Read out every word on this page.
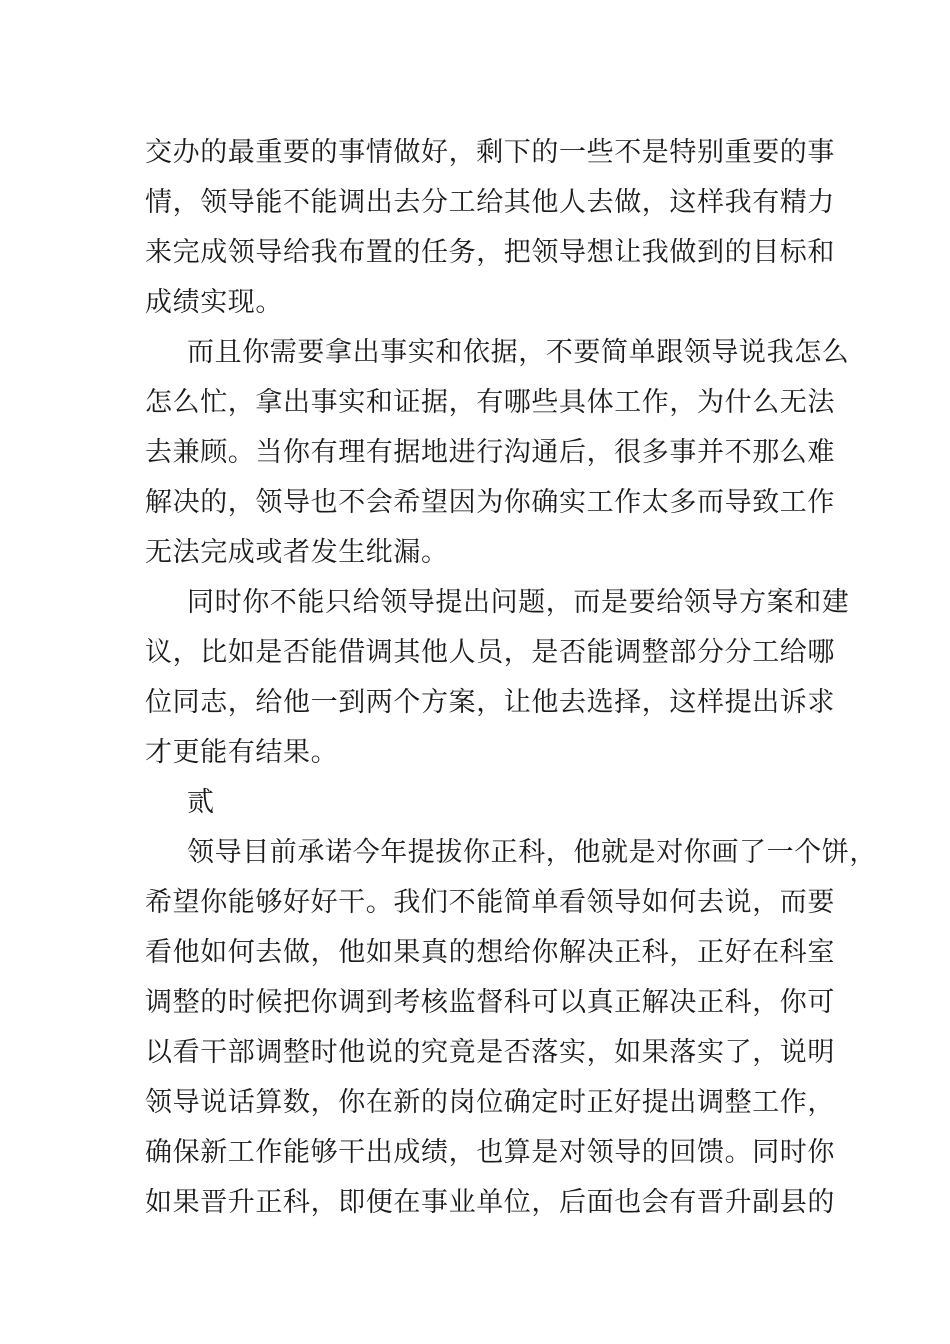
交办的最重要的事情做好，剩下的一些不是特别重要的事
情，领导能不能调出去分工给其他人去做，这样我有精力
来完成领导给我布置的任务，把领导想让我做到的目标和
成绩实现。
而且你需要拿出事实和依据，不要简单跟领导说我怎么
怎么忙，拿出事实和证据，有哪些具体工作，为什么无法
去兼顾。当你有理有据地进行沟通后，很多事并不那么难
解决的，领导也不会希望因为你确实工作太多而导致工作
无法完成或者发生纰漏。
同时你不能只给领导提出问题，而是要给领导方案和建
议，比如是否能借调其他人员，是否能调整部分分工给哪
位同志，给他一到两个方案，让他去选择，这样提出诉求
才更能有结果。
贰
领导目前承诺今年提拔你正科，他就是对你画了一个饼，
希望你能够好好干。我们不能简单看领导如何去说，而要
看他如何去做，他如果真的想给你解决正科，正好在科室
调整的时候把你调到考核监督科可以真正解决正科，你可
以看干部调整时他说的究竟是否落实，如果落实了，说明
领导说话算数，你在新的岗位确定时正好提出调整工作，
确保新工作能够干出成绩，也算是对领导的回馈。同时你
如果晋升正科，即便在事业单位，后面也会有晋升副县的
